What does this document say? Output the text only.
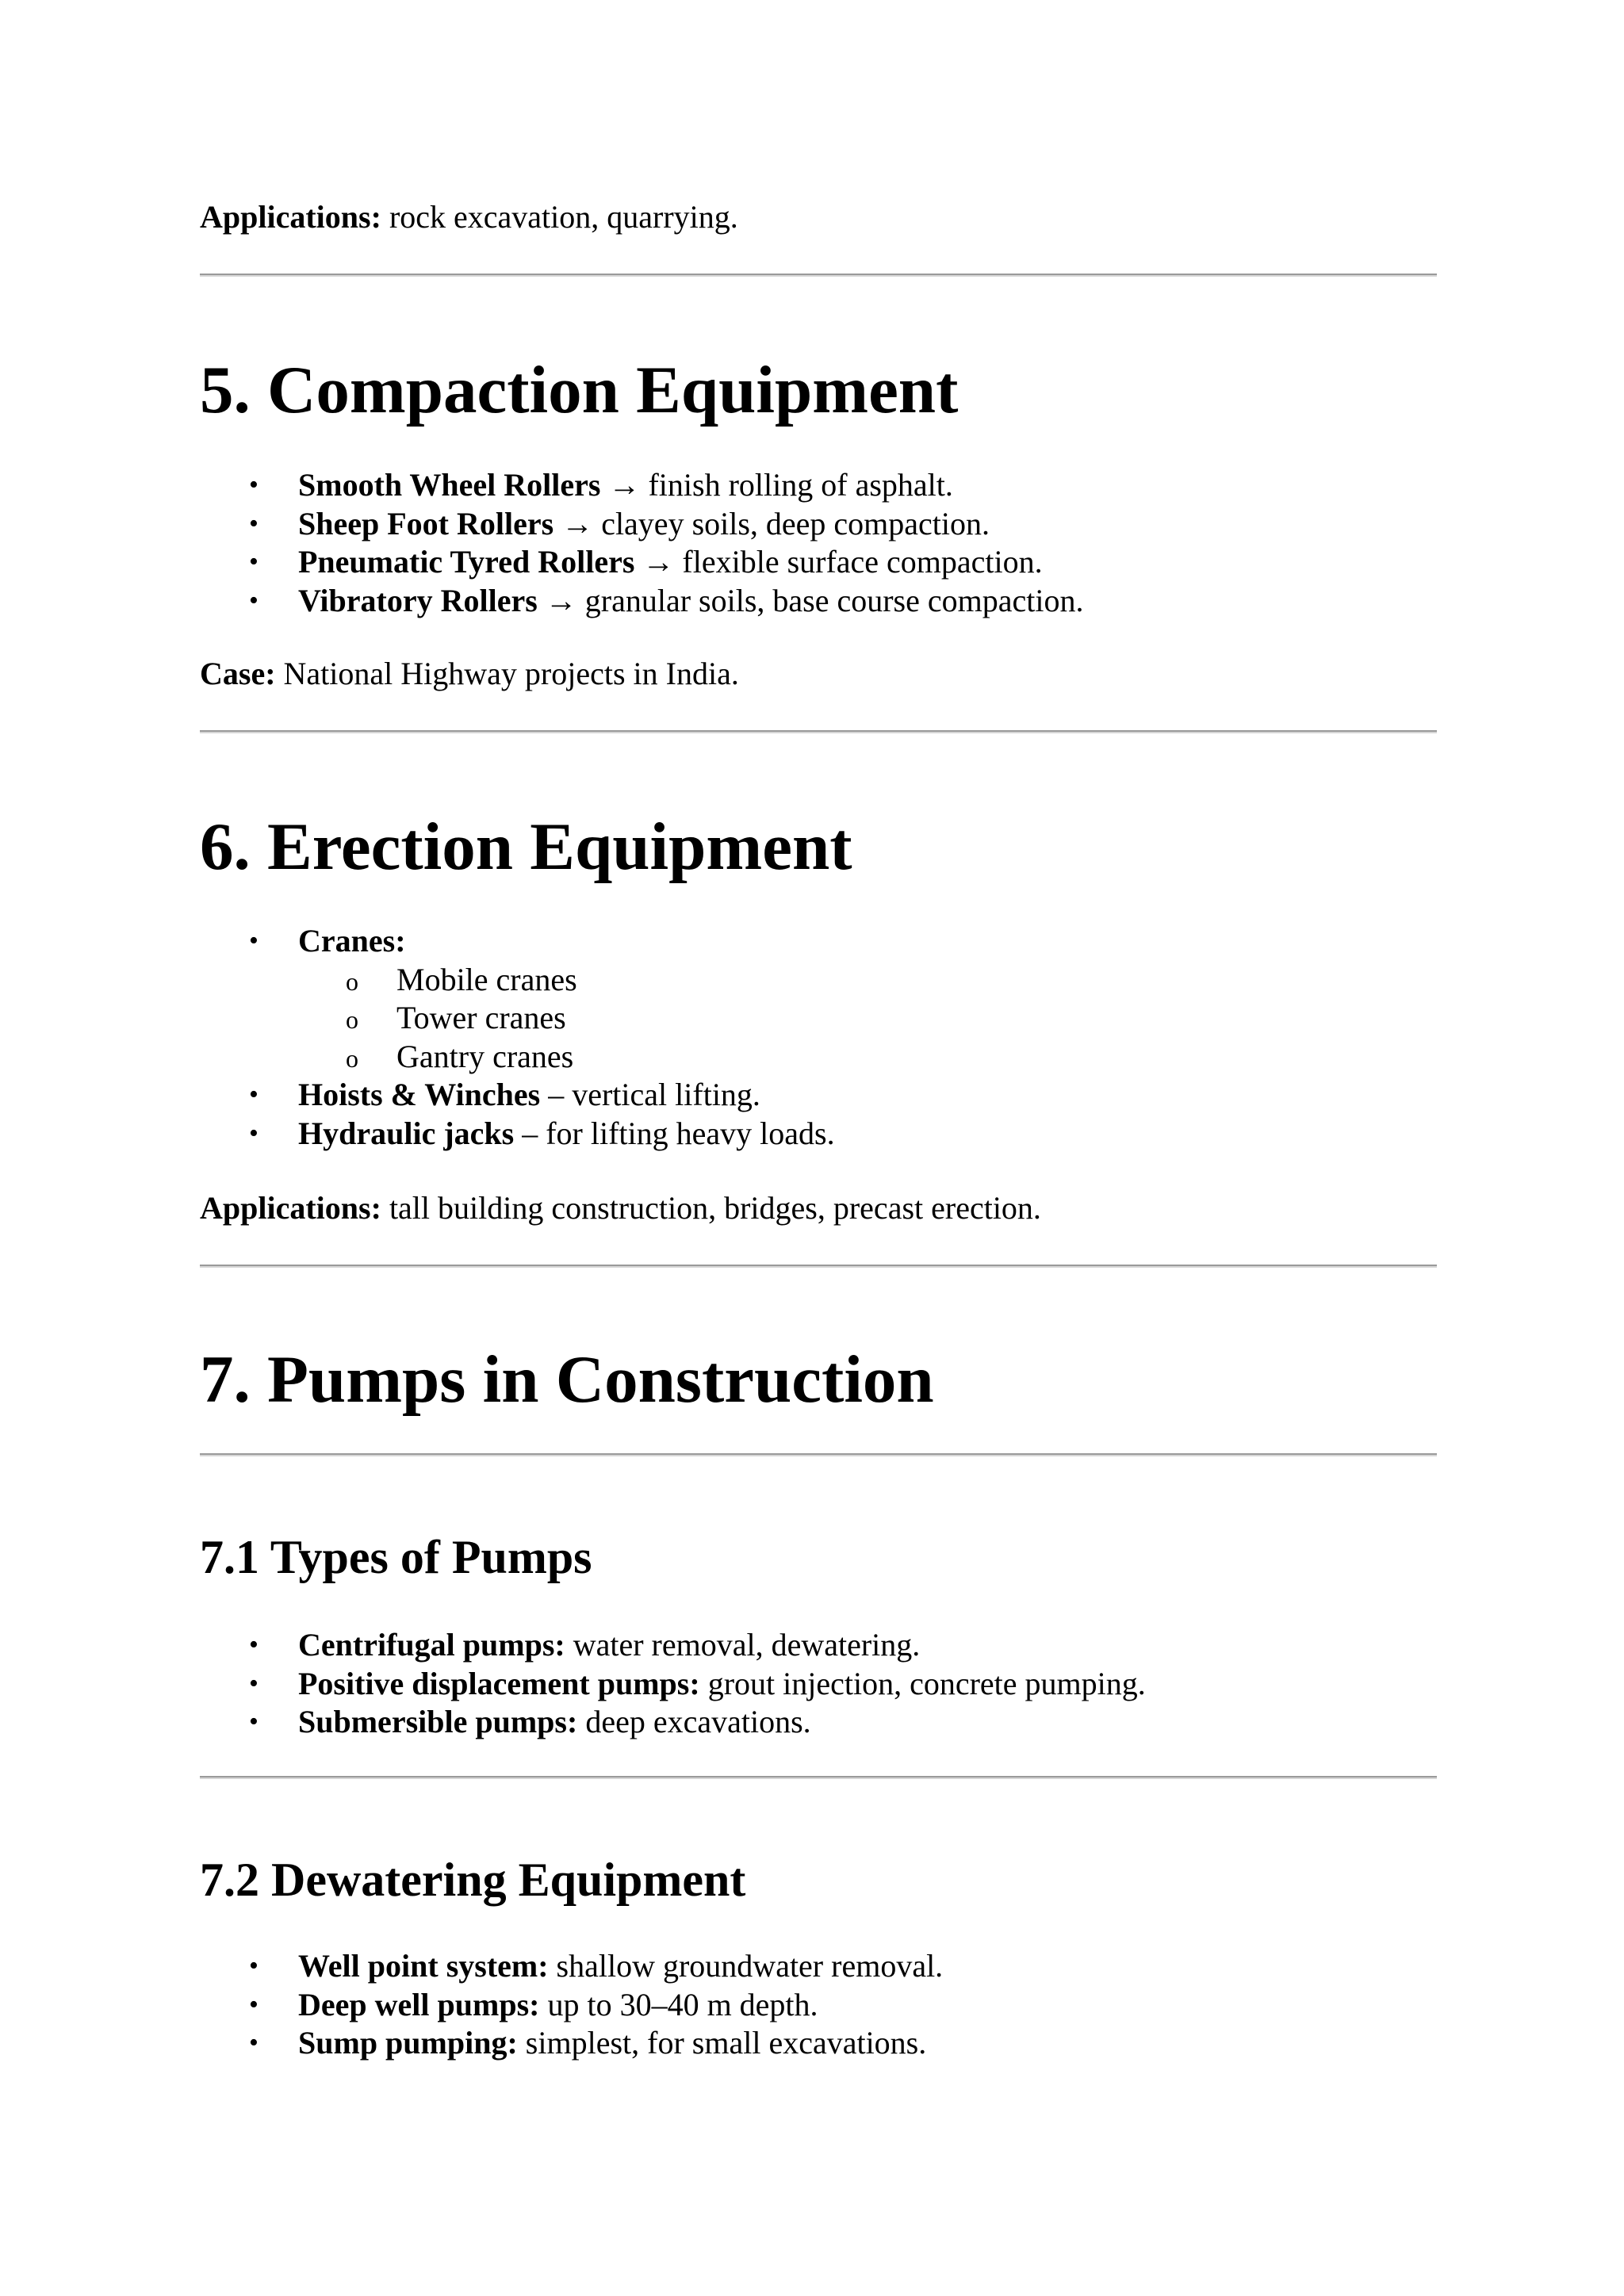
Applications: rock excavation, quarrying.

5. Compaction Equipment
• Smooth Wheel Rollers → finish rolling of asphalt.
• Sheep Foot Rollers → clayey soils, deep compaction.
• Pneumatic Tyred Rollers → flexible surface compaction.
• Vibratory Rollers → granular soils, base course compaction.

Case: National Highway projects in India.

6. Erection Equipment
• Cranes:
o Mobile cranes
o Tower cranes
o Gantry cranes
• Hoists & Winches – vertical lifting.
• Hydraulic jacks – for lifting heavy loads.

Applications: tall building construction, bridges, precast erection.

7. Pumps in Construction
7.1 Types of Pumps
• Centrifugal pumps: water removal, dewatering.
• Positive displacement pumps: grout injection, concrete pumping.
• Submersible pumps: deep excavations.
7.2 Dewatering Equipment
• Well point system: shallow groundwater removal.
• Deep well pumps: up to 30–40 m depth.
• Sump pumping: simplest, for small excavations.
